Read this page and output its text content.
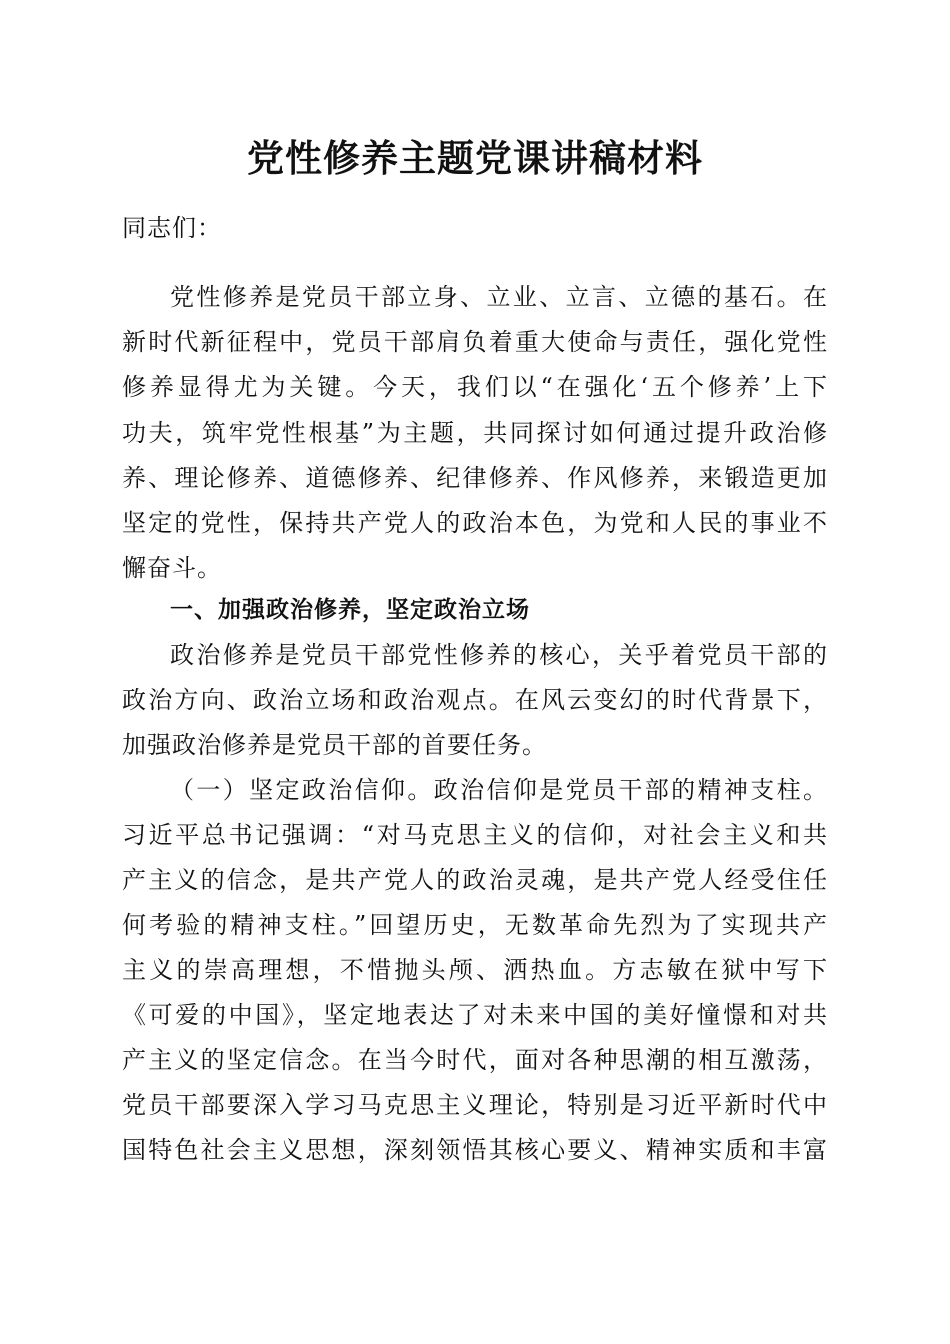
党性修养主题党课讲稿材料
同志们：
党性修养是党员干部立身、立业、立言、立德的基石。在
新时代新征程中，党员干部肩负着重大使命与责任，强化党性
修养显得尤为关键。今天，我们以“在强化‘五个修养’上下
功夫，筑牢党性根基”为主题，共同探讨如何通过提升政治修
养、理论修养、道德修养、纪律修养、作风修养，来锻造更加
坚定的党性，保持共产党人的政治本色，为党和人民的事业不
懈奋斗。
一、加强政治修养，坚定政治立场
政治修养是党员干部党性修养的核心，关乎着党员干部的
政治方向、政治立场和政治观点。在风云变幻的时代背景下，
加强政治修养是党员干部的首要任务。
（一）坚定政治信仰。政治信仰是党员干部的精神支柱。
习近平总书记强调：“对马克思主义的信仰，对社会主义和共
产主义的信念，是共产党人的政治灵魂，是共产党人经受住任
何考验的精神支柱。”回望历史，无数革命先烈为了实现共产
主义的崇高理想，不惜抛头颅、洒热血。方志敏在狱中写下
《可爱的中国》，坚定地表达了对未来中国的美好憧憬和对共
产主义的坚定信念。在当今时代，面对各种思潮的相互激荡，
党员干部要深入学习马克思主义理论，特别是习近平新时代中
国特色社会主义思想，深刻领悟其核心要义、精神实质和丰富
